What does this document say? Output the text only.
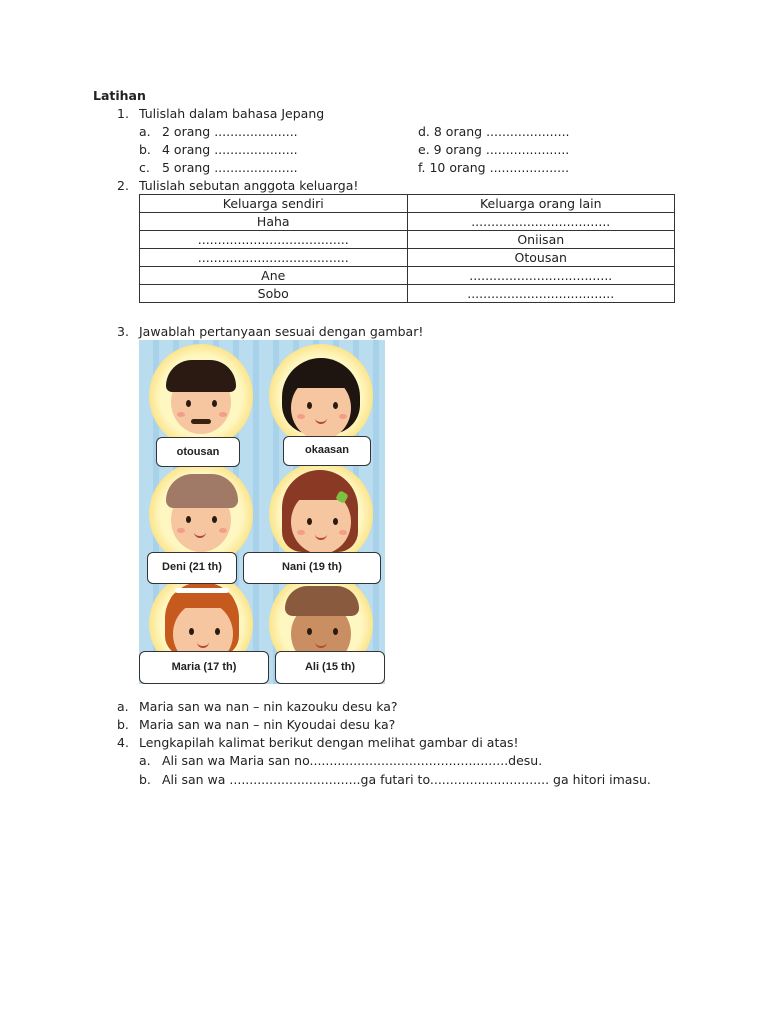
Latihan
1. Tulislah dalam bahasa Jepang
a. 2 orang .....................
b. 4 orang .....................
c. 5 orang .....................
d. 8 orang .....................
e. 9 orang .....................
f. 10 orang ....................
2. Tulislah sebutan anggota keluarga!
Keluarga sendiri	Keluarga orang lain
Haha	...................................
......................................	Oniisan
......................................	Otousan
Ane	....................................
Sobo	.....................................
3. Jawablah pertanyaan sesuai dengan gambar!
otousan	okaasan
Deni (21 th)	Nani (19 th)
Maria (17 th)	Ali (15 th)
a. Maria san wa nan – nin kazouku desu ka?
b. Maria san wa nan – nin Kyoudai desu ka?
4. Lengkapilah kalimat berikut dengan melihat gambar di atas!
a. Ali san wa Maria san no..................................................desu.
b. Ali san wa .................................ga futari to.............................. ga hitori imasu.
